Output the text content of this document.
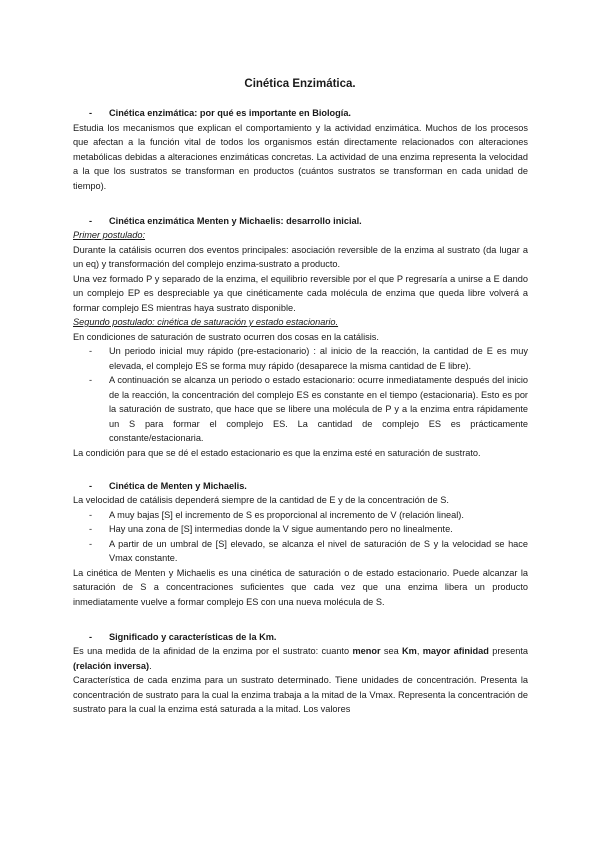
Cinética Enzimática.
- Cinética enzimática: por qué es importante en Biología.

Estudia los mecanismos que explican el comportamiento y la actividad enzimática. Muchos de los procesos que afectan a la función vital de todos los organismos están directamente relacionados con alteraciones metabólicas debidas a alteraciones enzimáticas concretas. La actividad de una enzima representa la velocidad a la que los sustratos se transforman en productos (cuántos sustratos se transforman en cada unidad de tiempo).

- Cinética enzimática Menten y Michaelis: desarrollo inicial.

Primer postulado:

Durante la catálisis ocurren dos eventos principales: asociación reversible de la enzima al sustrato (da lugar a un eq) y transformación del complejo enzima-sustrato a producto.

Una vez formado P y separado de la enzima, el equilibrio reversible por el que P regresaría a unirse a E dando un complejo EP es despreciable ya que cinéticamente cada molécula de enzima que queda libre volverá a formar complejo ES mientras haya sustrato disponible.

Segundo postulado: cinética de saturación y estado estacionario.

En condiciones de saturación de sustrato ocurren dos cosas en la catálisis.

- Un periodo inicial muy rápido (pre-estacionario) : al inicio de la reacción, la cantidad de E es muy elevada, el complejo ES se forma muy rápido (desaparece la misma cantidad de E libre).
- A continuación se alcanza un periodo o estado estacionario: ocurre inmediatamente después del inicio de la reacción, la concentración del complejo ES es constante en el tiempo (estacionaria). Esto es por la saturación de sustrato, que hace que se libere una molécula de P y a la enzima entra rápidamente un S para formar el complejo ES. La cantidad de complejo ES es prácticamente constante/estacionaria.

La condición para que se dé el estado estacionario es que la enzima esté en saturación de sustrato.

- Cinética de Menten y Michaelis.

La velocidad de catálisis dependerá siempre de la cantidad de E y de la concentración de S.

- A muy bajas [S] el incremento de S es proporcional al incremento de V (relación lineal).
- Hay una zona de [S] intermedias donde la V sigue aumentando pero no linealmente.
- A partir de un umbral de [S] elevado, se alcanza el nivel de saturación de S y la velocidad se hace Vmax constante.

La cinética de Menten y Michaelis es una cinética de saturación o de estado estacionario. Puede alcanzar la saturación de S a concentraciones suficientes que cada vez que una enzima libera un producto inmediatamente vuelve a formar complejo ES con una nueva molécula de S.

- Significado y características de la Km.

Es una medida de la afinidad de la enzima por el sustrato: cuanto menor sea Km, mayor afinidad presenta (relación inversa).

Característica de cada enzima para un sustrato determinado. Tiene unidades de concentración. Presenta la concentración de sustrato para la cual la enzima trabaja a la mitad de la Vmax. Representa la concentración de sustrato para la cual la enzima está saturada a la mitad. Los valores
